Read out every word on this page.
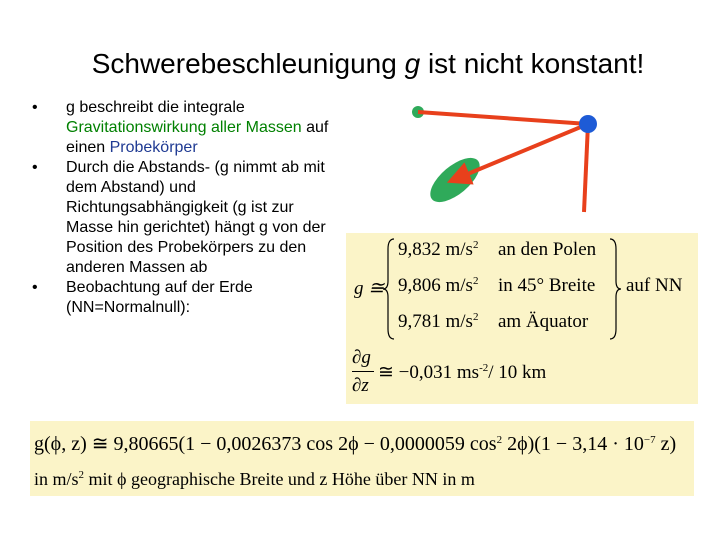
Schwerebeschleunigung g ist nicht konstant!

• g beschreibt die integrale Gravitationswirkung aller Massen auf einen Probekörper

• Durch die Abstands- (g nimmt ab mit dem Abstand) und Richtungsabhängigkeit (g ist zur Masse hin gerichtet) hängt g von der Position des Probekörpers zu den anderen Massen ab

• Beobachtung auf der Erde (NN=Normalnull):

g ≅
9,832 $m/s^2$ an den Polen
9,806 $m/s^2$ in 45° Breite
9,781 $m/s^2$ am Äquator
auf NN
∂g
∂z
≅ −0,031 $ms^{-2}/$ 10 km
g(ϕ, z) ≅ 9,80665(1 − 0,0026373 cos 2ϕ − 0,0000059 $\cos^2 2\phi)(1 - 3,14 \cdot 10^{-7}$ z)
in $m/s^2$ mit ϕ geographische Breite und z Höhe über NN in m
